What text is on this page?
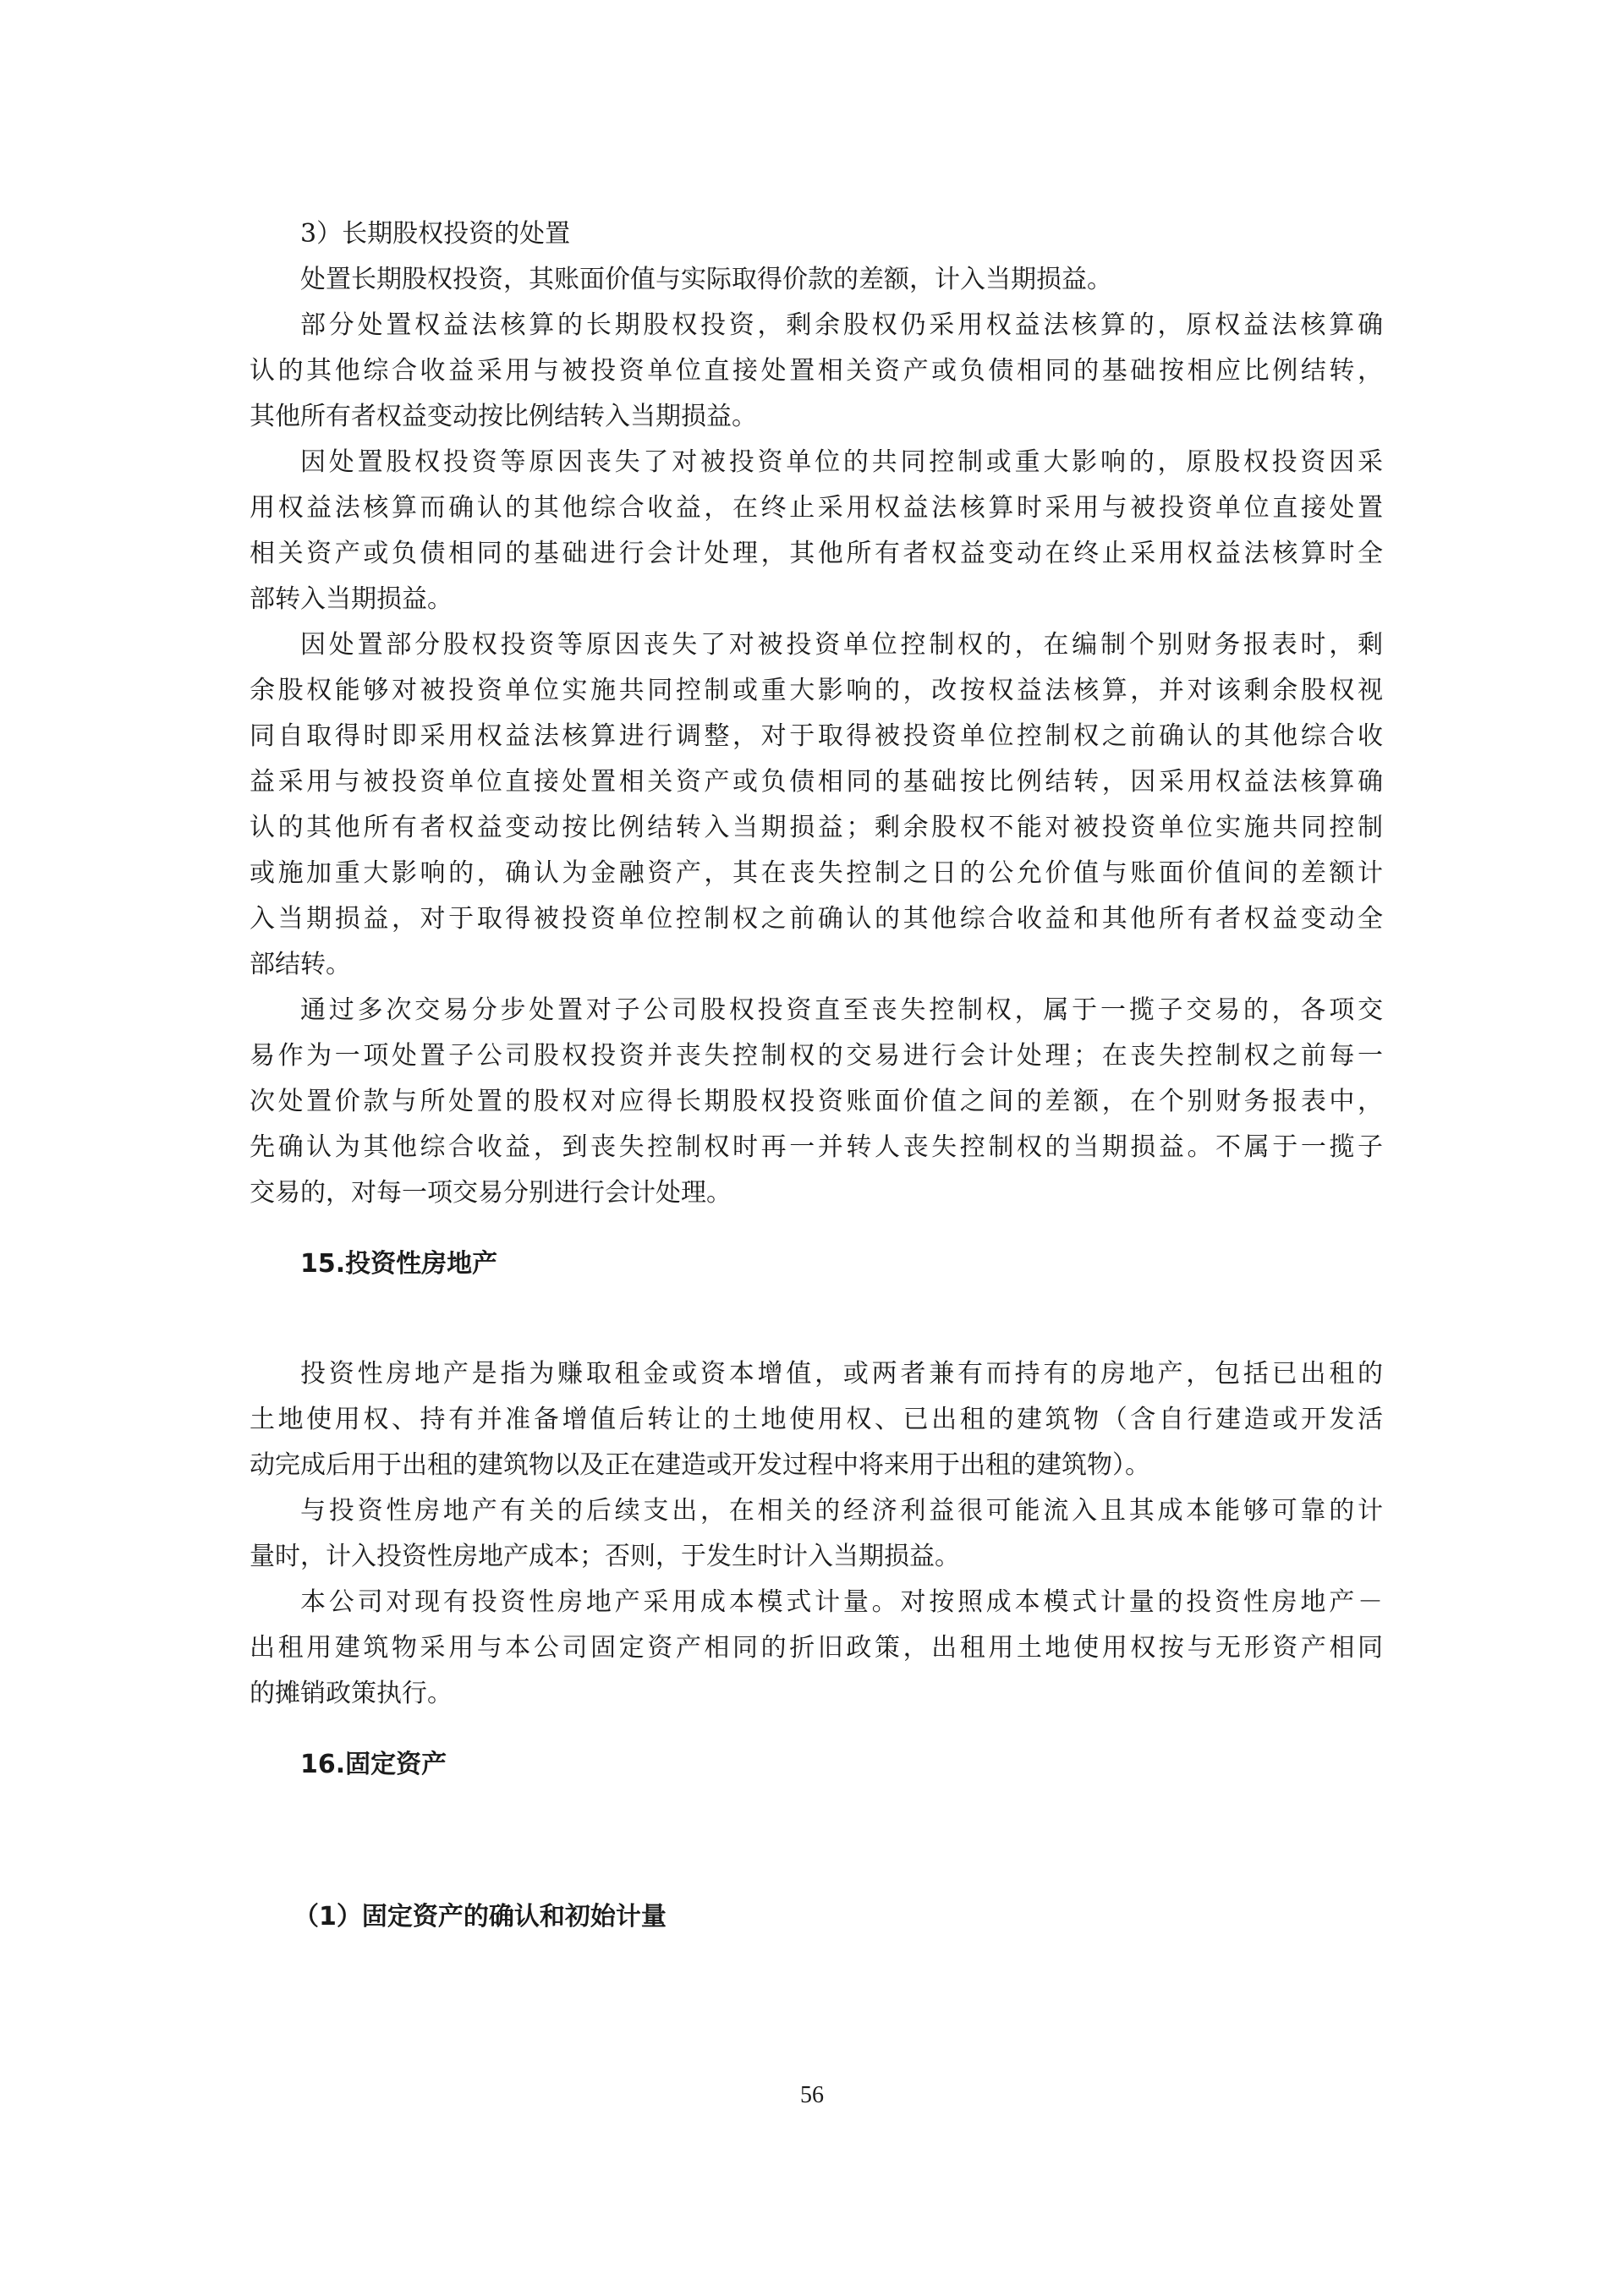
3）长期股权投资的处置

处置长期股权投资，其账面价值与实际取得价款的差额，计入当期损益。

部分处置权益法核算的长期股权投资，剩余股权仍采用权益法核算的，原权益法核算确

认的其他综合收益采用与被投资单位直接处置相关资产或负债相同的基础按相应比例结转，

其他所有者权益变动按比例结转入当期损益。

因处置股权投资等原因丧失了对被投资单位的共同控制或重大影响的，原股权投资因采

用权益法核算而确认的其他综合收益，在终止采用权益法核算时采用与被投资单位直接处置

相关资产或负债相同的基础进行会计处理，其他所有者权益变动在终止采用权益法核算时全

部转入当期损益。

因处置部分股权投资等原因丧失了对被投资单位控制权的，在编制个别财务报表时，剩

余股权能够对被投资单位实施共同控制或重大影响的，改按权益法核算，并对该剩余股权视

同自取得时即采用权益法核算进行调整，对于取得被投资单位控制权之前确认的其他综合收

益采用与被投资单位直接处置相关资产或负债相同的基础按比例结转，因采用权益法核算确

认的其他所有者权益变动按比例结转入当期损益；剩余股权不能对被投资单位实施共同控制

或施加重大影响的，确认为金融资产，其在丧失控制之日的公允价值与账面价值间的差额计

入当期损益，对于取得被投资单位控制权之前确认的其他综合收益和其他所有者权益变动全

部结转。

通过多次交易分步处置对子公司股权投资直至丧失控制权，属于一揽子交易的，各项交

易作为一项处置子公司股权投资并丧失控制权的交易进行会计处理；在丧失控制权之前每一

次处置价款与所处置的股权对应得长期股权投资账面价值之间的差额，在个别财务报表中，

先确认为其他综合收益，到丧失控制权时再一并转人丧失控制权的当期损益。不属于一揽子

交易的，对每一项交易分别进行会计处理。

15.投资性房地产

投资性房地产是指为赚取租金或资本增值，或两者兼有而持有的房地产，包括已出租的

土地使用权、持有并准备增值后转让的土地使用权、已出租的建筑物（含自行建造或开发活

动完成后用于出租的建筑物以及正在建造或开发过程中将来用于出租的建筑物）。

与投资性房地产有关的后续支出，在相关的经济利益很可能流入且其成本能够可靠的计

量时，计入投资性房地产成本；否则，于发生时计入当期损益。

本公司对现有投资性房地产采用成本模式计量。对按照成本模式计量的投资性房地产－

出租用建筑物采用与本公司固定资产相同的折旧政策，出租用土地使用权按与无形资产相同

的摊销政策执行。

16.固定资产

（1）固定资产的确认和初始计量

56
